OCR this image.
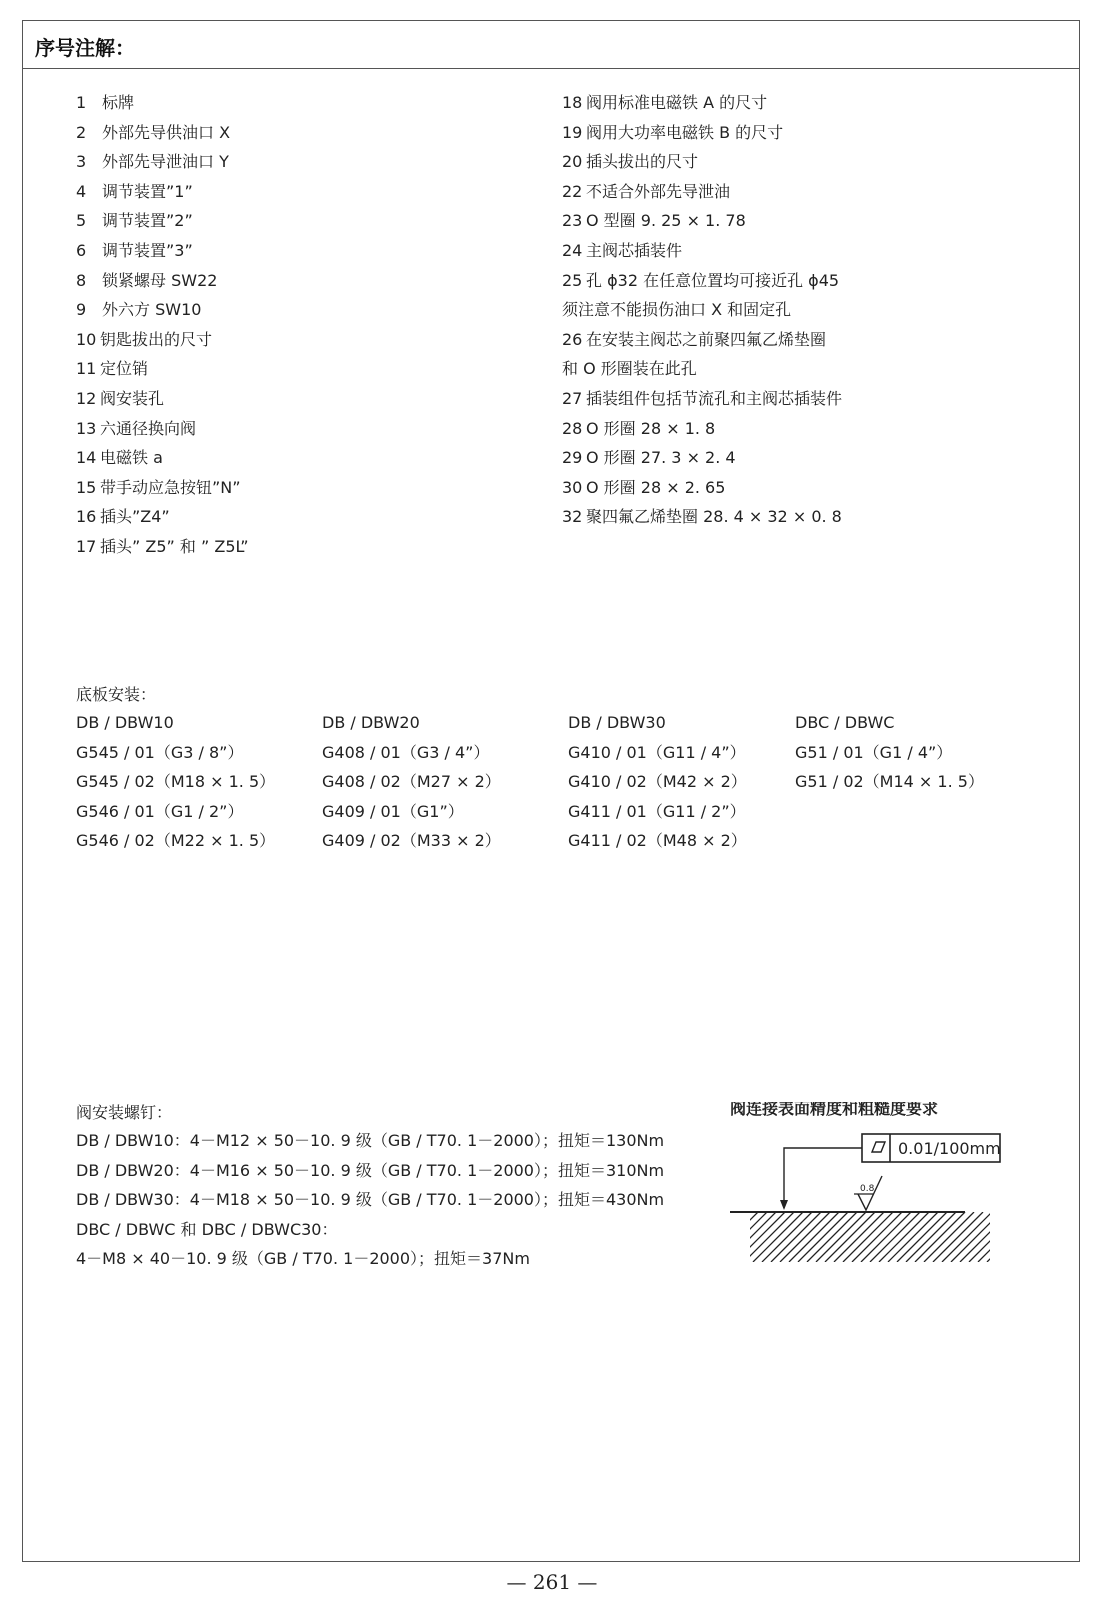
序号注解：
1 标牌
2 外部先导供油口 X
3 外部先导泄油口 Y
4 调节装置”1”
5 调节装置”2”
6 调节装置”3”
8 锁紧螺母 SW22
9 外六方 SW10
10 钥匙拔出的尺寸
11 定位销
12 阀安装孔
13 六通径换向阀
14 电磁铁 a
15 带手动应急按钮”N”
16 插头”Z4”
17 插头” Z5” 和 ” Z5L”
18 阀用标准电磁铁 A 的尺寸
19 阀用大功率电磁铁 B 的尺寸
20 插头拔出的尺寸
22 不适合外部先导泄油
23 O 型圈 9. 25 × 1. 78
24 主阀芯插装件
25 孔 ϕ32 在任意位置均可接近孔 ϕ45
须注意不能损伤油口 X 和固定孔
26 在安装主阀芯之前聚四氟乙烯垫圈
和 O 形圈装在此孔
27 插装组件包括节流孔和主阀芯插装件
28 O 形圈 28 × 1. 8
29 O 形圈 27. 3 × 2. 4
30 O 形圈 28 × 2. 65
32 聚四氟乙烯垫圈 28. 4 × 32 × 0. 8
底板安装：
DB / DBW10
G545 / 01（G3 / 8”）
G545 / 02（M18 × 1. 5）
G546 / 01（G1 / 2”）
G546 / 02（M22 × 1. 5）
DB / DBW20
G408 / 01（G3 / 4”）
G408 / 02（M27 × 2）
G409 / 01（G1”）
G409 / 02（M33 × 2）
DB / DBW30
G410 / 01（G11 / 4”）
G410 / 02（M42 × 2）
G411 / 01（G11 / 2”）
G411 / 02（M48 × 2）
DBC / DBWC
G51 / 01（G1 / 4”）
G51 / 02（M14 × 1. 5）
阀安装螺钉：
DB / DBW10：4－M12 × 50－10. 9 级（GB / T70. 1－2000）；扭矩＝130Nm
DB / DBW20：4－M16 × 50－10. 9 级（GB / T70. 1－2000）；扭矩＝310Nm
DB / DBW30：4－M18 × 50－10. 9 级（GB / T70. 1－2000）；扭矩＝430Nm
DBC / DBWC 和 DBC / DBWC30：
4－M8 × 40－10. 9 级（GB / T70. 1－2000）；扭矩＝37Nm
阀连接表面精度和粗糙度要求
0.01/100mm
0.8
— 261 —
